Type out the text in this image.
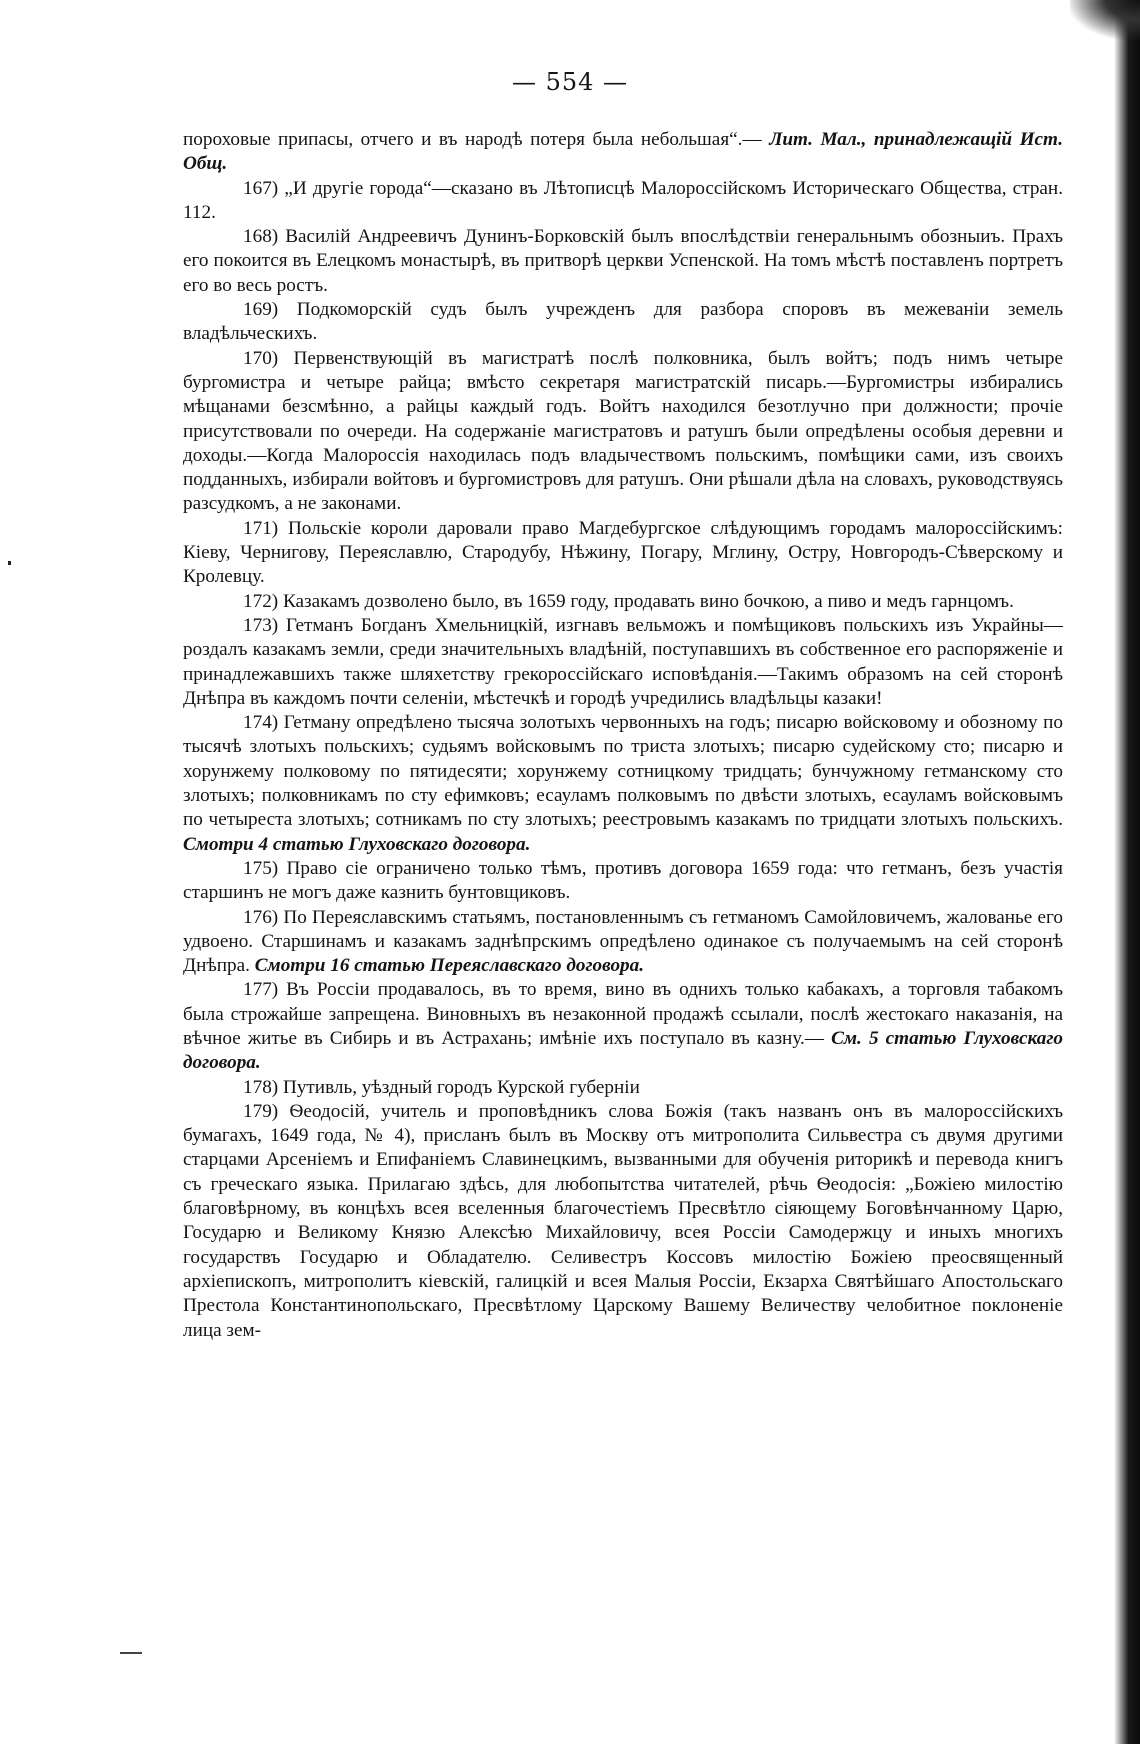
— 554 —

пороховые припасы, отчего и въ народѣ потеря была небольшая“.— Лит. Мал., принадлежащій Ист. Общ.

167) „И другіе города“—сказано въ Лѣтописцѣ Малороссійскомъ Историческаго Общества, стран. 112.

168) Василій Андреевичъ Дунинъ-Борковскій былъ впослѣдствіи генеральнымъ обозныиъ. Прахъ его покоится въ Елецкомъ монастырѣ, въ притворѣ церкви Успенской. На томъ мѣстѣ поставленъ портретъ его во весь ростъ.

169) Подкоморскій судъ былъ учрежденъ для разбора споровъ въ межеванiи земель владѣльческихъ.

170) Первенствующій въ магистратѣ послѣ полковника, былъ войтъ; подъ нимъ четыре бургомистра и четыре райца; вмѣсто секретаря магистратскій писарь.—Бургомистры избирались мѣщанами безсмѣнно, а райцы каждый годъ. Войтъ находился безотлучно при должности; прочіе присутствовали по очереди. На содержаніе магистратовъ и ратушъ были опредѣлены особыя деревни и доходы.—Когда Малороссія находилась подъ владычествомъ польскимъ, помѣщики сами, изъ своихъ подданныхъ, избирали войтовъ и бургомистровъ для ратушъ. Они рѣшали дѣла на словахъ, руководствуясь разсудкомъ, а не законами.

171) Польскіе короли даровали право Магдебургское слѣдующимъ городамъ малороссійскимъ: Кіеву, Чернигову, Переяславлю, Стародубу, Нѣжину, Погару, Мглину, Остру, Новгородъ-Сѣверскому и Кролевцу.

172) Казакамъ дозволено было, въ 1659 году, продавать вино бочкою, а пиво и медъ гарнцомъ.

173) Гетманъ Богданъ Хмельницкій, изгнавъ вельможъ и помѣщиковъ польскихъ изъ Украйны—роздалъ казакамъ земли, среди значительныхъ владѣній, поступавшихъ въ собственное его распоряженіе и принадлежавшихъ также шляхетству грекороссійскаго исповѣданія.—Такимъ образомъ на сей сторонѣ Днѣпра въ каждомъ почти селеніи, мѣстечкѣ и городѣ учредились владѣльцы казаки!

174) Гетману опредѣлено тысяча золотыхъ червонныхъ на годъ; писарю войсковому и обозному по тысячѣ злотыхъ польскихъ; судьямъ войсковымъ по триста злотыхъ; писарю судейскому сто; писарю и хорунжему полковому по пятидесяти; хорунжему сотницкому тридцать; бунчужному гетманскому сто злотыхъ; полковникамъ по сту ефимковъ; есауламъ полковымъ по двѣсти злотыхъ, есауламъ войсковымъ по четыреста злотыхъ; сотникамъ по сту злотыхъ; реестровымъ казакамъ по тридцати злотыхъ польскихъ. Смотри 4 статью Глуховскаго договора.

175) Право сіе ограничено только тѣмъ, противъ договора 1659 года: что гетманъ, безъ участія старшинъ не могъ даже казнить бунтовщиковъ.

176) По Переяславскимъ статьямъ, постановленнымъ съ гетманомъ Самойловичемъ, жалованье его удвоено. Старшинамъ и казакамъ заднѣпрскимъ опредѣлено одинакое съ получаемымъ на сей сторонѣ Днѣпра. Смотри 16 статью Переяславскаго договора.

177) Въ Россіи продавалось, въ то время, вино въ однихъ только кабакахъ, а торговля табакомъ была строжайше запрещена. Виновныхъ въ незаконной продажѣ ссылали, послѣ жестокаго наказанія, на вѣчное житье въ Сибирь и въ Астрахань; имѣніе ихъ поступало въ казну.— См. 5 статью Глуховскаго договора.

178) Путивль, уѣздный городъ Курской губерніи

179) Ѳеодосій, учитель и проповѣдникъ слова Божія (такъ названъ онъ въ малороссійскихъ бумагахъ, 1649 года, № 4), присланъ былъ въ Москву отъ митрополита Сильвестра съ двумя другими старцами Арсеніемъ и Епифаніемъ Славинецкимъ, вызванными для обученія риторикѣ и перевода книгъ съ греческаго языка. Прилагаю здѣсь, для любопытства читателей, рѣчь Ѳеодосія: „Божіею милостію благовѣрному, въ концѣхъ всея вселенныя благочестіемъ Пресвѣтло сіяющему Боговѣнчанному Царю, Государю и Великому Князю Алексѣю Михайловичу, всея Россіи Самодержцу и иныхъ многихъ государствъ Государю и Обладателю. Селивестръ Коссовъ милостію Божіею преосвященный архіепископъ, митрополитъ кіевскій, галицкій и всея Малыя Россіи, Екзарха Святѣйшаго Апостольскаго Престола Константинопольскаго, Пресвѣтлому Царскому Вашему Величеству челобитное поклоненіе лица зем-
